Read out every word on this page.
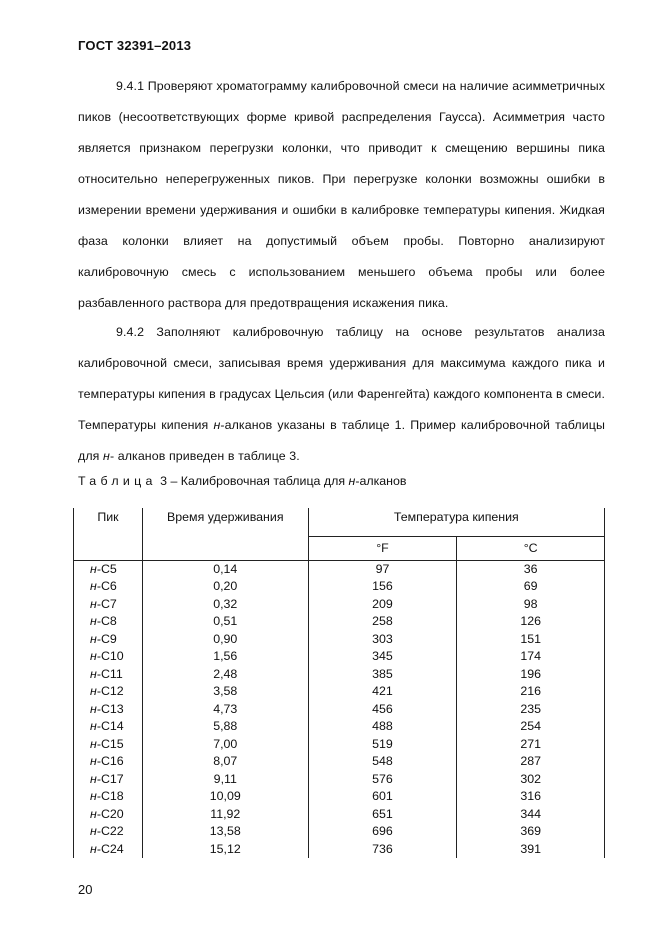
ГОСТ 32391–2013
9.4.1 Проверяют хроматограмму калибровочной смеси на наличие асимметричных пиков (несоответствующих форме кривой распределения Гаусса). Асимметрия часто является признаком перегрузки колонки, что приводит к смещению вершины пика относительно неперегруженных пиков. При перегрузке колонки возможны ошибки в измерении времени удерживания и ошибки в калибровке температуры кипения. Жидкая фаза колонки влияет на допустимый объем пробы. Повторно анализируют калибровочную смесь с использованием меньшего объема пробы или более разбавленного раствора для предотвращения искажения пика.
9.4.2 Заполняют калибровочную таблицу на основе результатов анализа калибровочной смеси, записывая время удерживания для максимума каждого пика и температуры кипения в градусах Цельсия (или Фаренгейта) каждого компонента в смеси. Температуры кипения н-алканов указаны в таблице 1. Пример калибровочной таблицы для н- алканов приведен в таблице 3.
Таблица 3 – Калибровочная таблица для н-алканов
Пик	Время удерживания	Температура кипения	
		°F	°C
н-C5	0,14	97	36
н-C6	0,20	156	69
н-C7	0,32	209	98
н-C8	0,51	258	126
н-C9	0,90	303	151
н-C10	1,56	345	174
н-C11	2,48	385	196
н-C12	3,58	421	216
н-C13	4,73	456	235
н-C14	5,88	488	254
н-C15	7,00	519	271
н-C16	8,07	548	287
н-C17	9,11	576	302
н-C18	10,09	601	316
н-C20	11,92	651	344
н-C22	13,58	696	369
н-C24	15,12	736	391
20
